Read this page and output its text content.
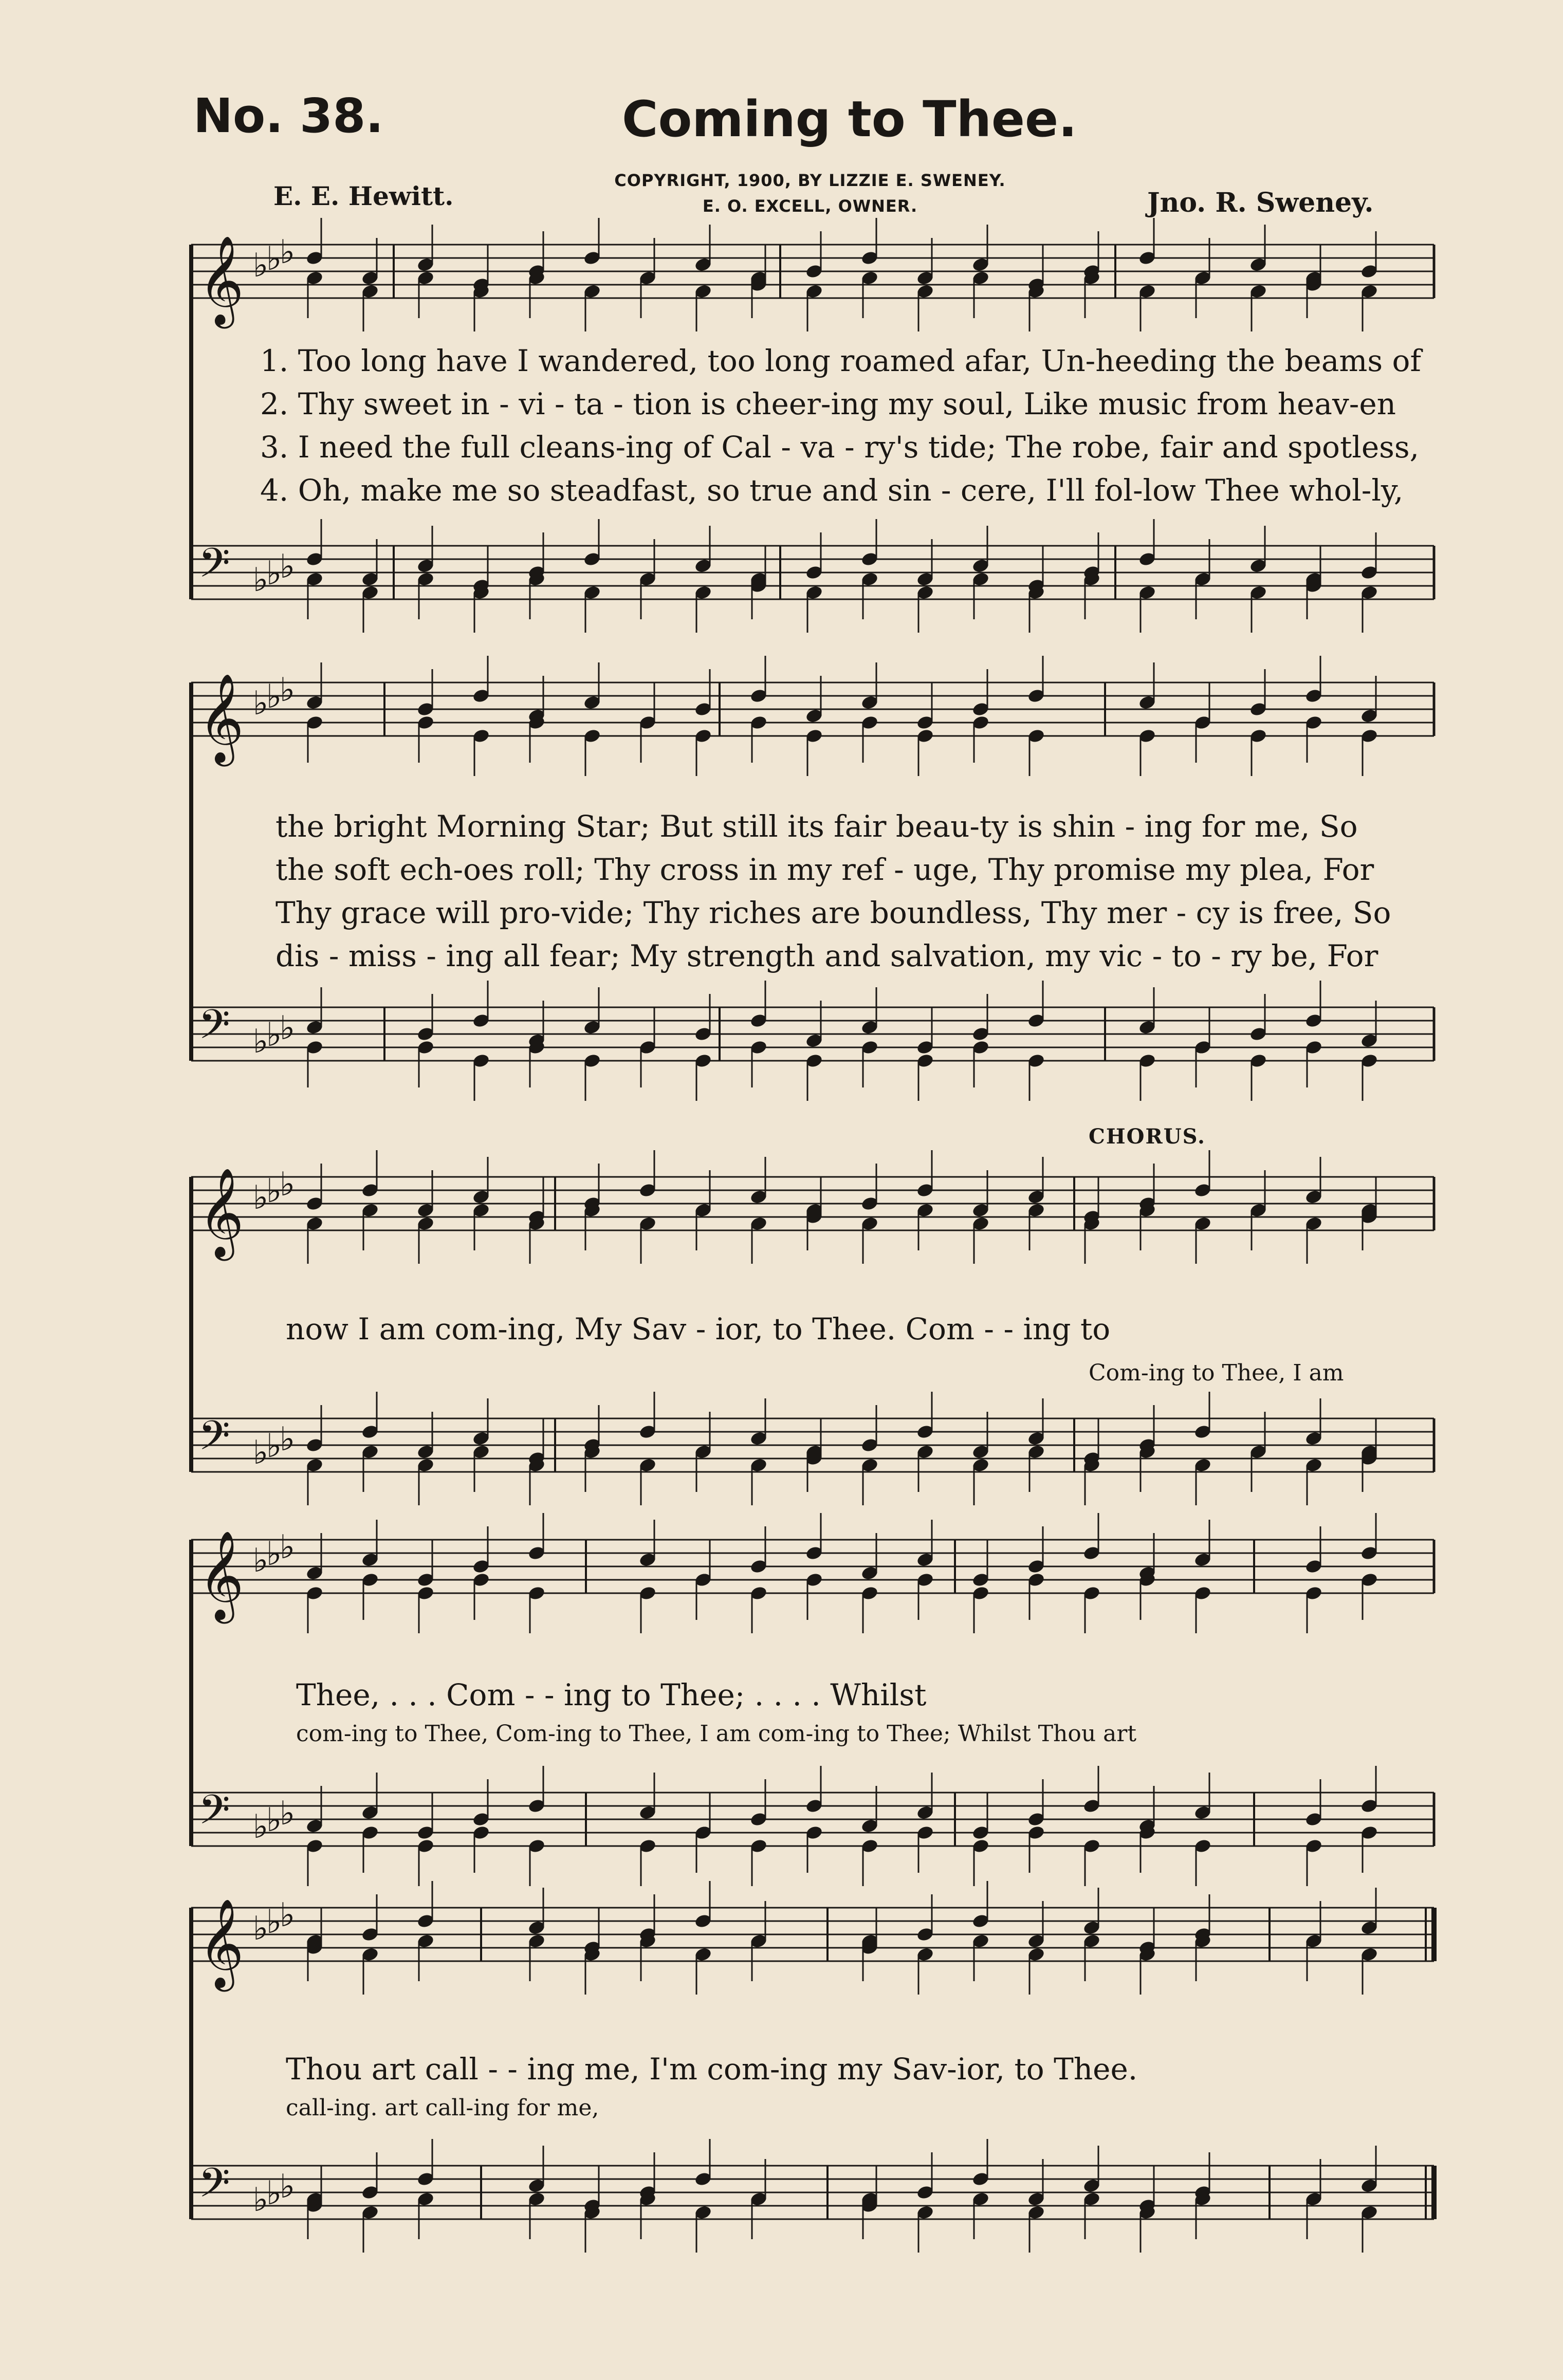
No. 38.	Coming to Thee.
E. E. Hewitt.
COPYRIGHT, 1900, BY LIZZIE E. SWENEY.
E. O. EXCELL, OWNER.	Jno. R. Sweney.
𝄞 ♭
♭
♭
𝄢 ♭
♭
♭
𝄞 ♭
♭
♭
𝄢 ♭
♭
♭
𝄞 ♭
♭
♭
𝄢 ♭
♭
♭
𝄞 ♭
♭
♭
𝄢 ♭
♭
♭
𝄞 ♭
♭
♭
𝄢 ♭
♭
♭
1. Too long have I wandered, too long roamed afar, Un-heeding the beams of
2. Thy sweet in - vi - ta - tion is cheer-ing my soul, Like music from heav-en
3. I need the full cleans-ing of Cal - va - ry's tide; The robe, fair and spotless,
4. Oh, make me so steadfast, so true and sin - cere, I'll fol-low Thee whol-ly,
the bright Morning Star; But still its fair beau-ty is shin - ing for me, So
the soft ech-oes roll; Thy cross in my ref - uge, Thy promise my plea, For
Thy grace will pro-vide; Thy riches are boundless, Thy mer - cy is free, So
dis - miss - ing all fear; My strength and salvation, my vic - to - ry be, For
CHORUS.
now I am com-ing, My Sav - ior, to Thee. Com - - ing to
Com-ing to Thee, I am
Thee, . . . Com - - ing to Thee; . . . . Whilst
com-ing to Thee, Com-ing to Thee, I am com-ing to Thee; Whilst Thou art
Thou art call - - ing me, I'm com-ing my Sav-ior, to Thee.
call-ing. art call-ing for me,
